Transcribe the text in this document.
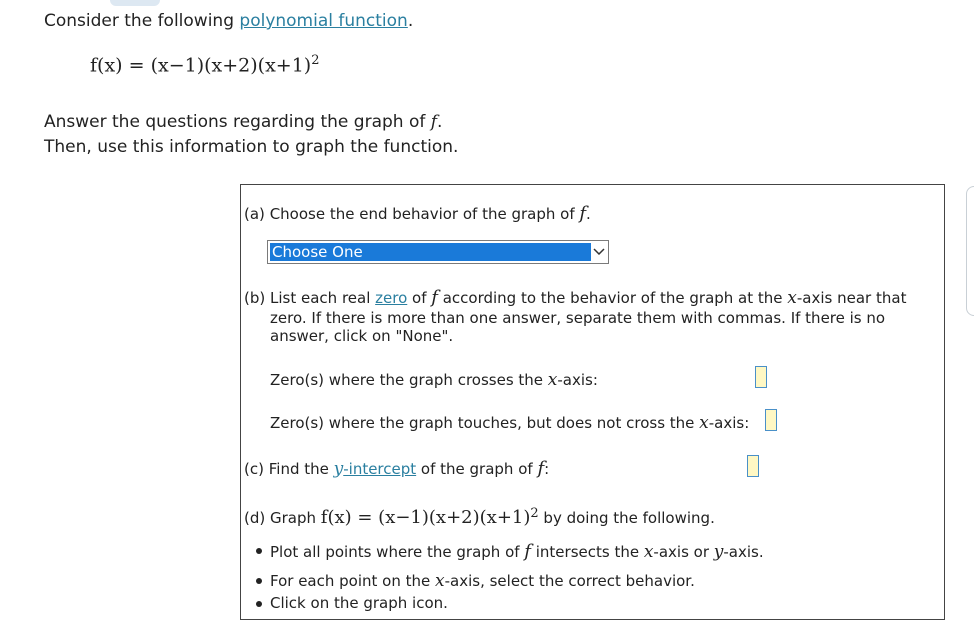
Consider the following polynomial function.
$f(x) = (x-1)(x+2)(x+1)^2$
Answer the questions regarding the graph of f.
Then, use this information to graph the function.
(a) Choose the end behavior of the graph of f.
Choose One
(b) List each real zero of f according to the behavior of the graph at the x-axis near that
zero. If there is more than one answer, separate them with commas. If there is no
answer, click on "None".
Zero(s) where the graph crosses the x-axis:
Zero(s) where the graph touches, but does not cross the x-axis:
(c) Find the y-intercept of the graph of f:
(d) Graph $f(x) = (x-1)(x+2)(x+1)^2$ by doing the following.
Plot all points where the graph of f intersects the x-axis or y-axis.
For each point on the x-axis, select the correct behavior.
Click on the graph icon.
